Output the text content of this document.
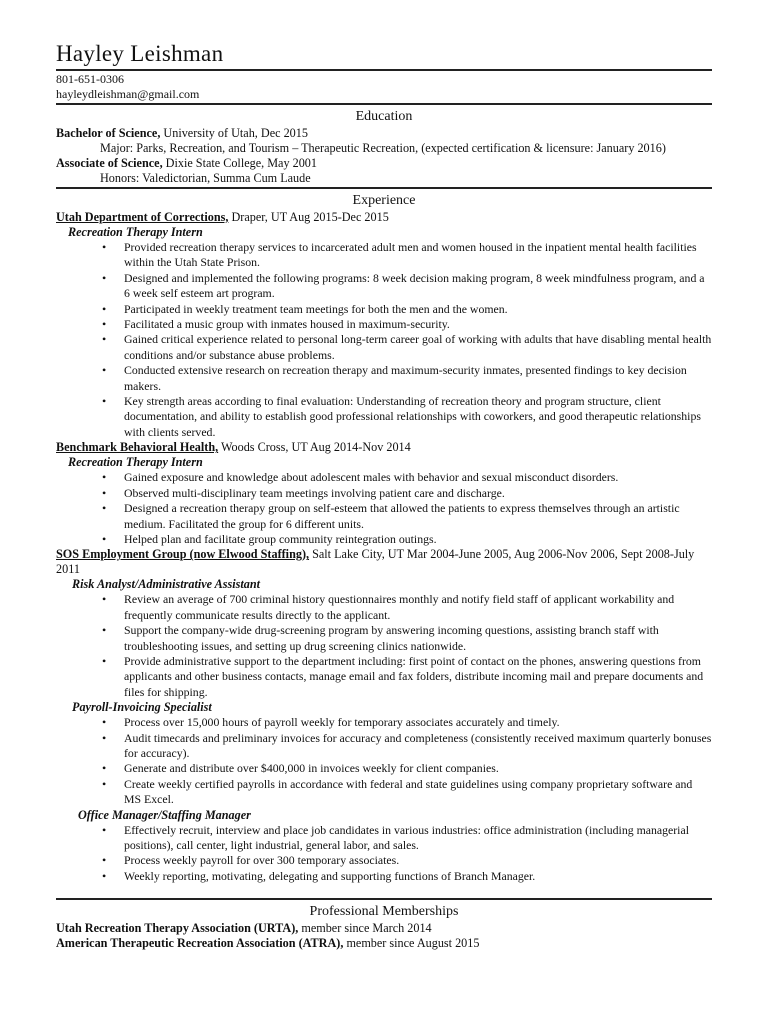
Hayley Leishman
801-651-0306
hayleydleishman@gmail.com
Education
Bachelor of Science, University of Utah, Dec 2015
Major: Parks, Recreation, and Tourism – Therapeutic Recreation, (expected certification & licensure: January 2016)
Associate of Science, Dixie State College, May 2001
Honors: Valedictorian, Summa Cum Laude
Experience
Utah Department of Corrections, Draper, UT Aug 2015-Dec 2015
Recreation Therapy Intern
• Provided recreation therapy services to incarcerated adult men and women housed in the inpatient mental health facilities within the Utah State Prison.
• Designed and implemented the following programs: 8 week decision making program, 8 week mindfulness program, and a 6 week self esteem art program.
• Participated in weekly treatment team meetings for both the men and the women.
• Facilitated a music group with inmates housed in maximum-security.
• Gained critical experience related to personal long-term career goal of working with adults that have disabling mental health conditions and/or substance abuse problems.
• Conducted extensive research on recreation therapy and maximum-security inmates, presented findings to key decision makers.
• Key strength areas according to final evaluation: Understanding of recreation theory and program structure, client documentation, and ability to establish good professional relationships with coworkers, and good therapeutic relationships with clients served.
Benchmark Behavioral Health, Woods Cross, UT Aug 2014-Nov 2014
Recreation Therapy Intern
• Gained exposure and knowledge about adolescent males with behavior and sexual misconduct disorders.
• Observed multi-disciplinary team meetings involving patient care and discharge.
• Designed a recreation therapy group on self-esteem that allowed the patients to express themselves through an artistic medium. Facilitated the group for 6 different units.
• Helped plan and facilitate group community reintegration outings.
SOS Employment Group (now Elwood Staffing), Salt Lake City, UT Mar 2004-June 2005, Aug 2006-Nov 2006, Sept 2008-July 2011
Risk Analyst/Administrative Assistant
• Review an average of 700 criminal history questionnaires monthly and notify field staff of applicant workability and frequently communicate results directly to the applicant.
• Support the company-wide drug-screening program by answering incoming questions, assisting branch staff with troubleshooting issues, and setting up drug screening clinics nationwide.
• Provide administrative support to the department including: first point of contact on the phones, answering questions from applicants and other business contacts, manage email and fax folders, distribute incoming mail and prepare documents and files for shipping.
Payroll-Invoicing Specialist
• Process over 15,000 hours of payroll weekly for temporary associates accurately and timely.
• Audit timecards and preliminary invoices for accuracy and completeness (consistently received maximum quarterly bonuses for accuracy).
• Generate and distribute over $400,000 in invoices weekly for client companies.
• Create weekly certified payrolls in accordance with federal and state guidelines using company proprietary software and MS Excel.
Office Manager/Staffing Manager
• Effectively recruit, interview and place job candidates in various industries: office administration (including managerial positions), call center, light industrial, general labor, and sales.
• Process weekly payroll for over 300 temporary associates.
• Weekly reporting, motivating, delegating and supporting functions of Branch Manager.
Professional Memberships
Utah Recreation Therapy Association (URTA), member since March 2014
American Therapeutic Recreation Association (ATRA), member since August 2015
